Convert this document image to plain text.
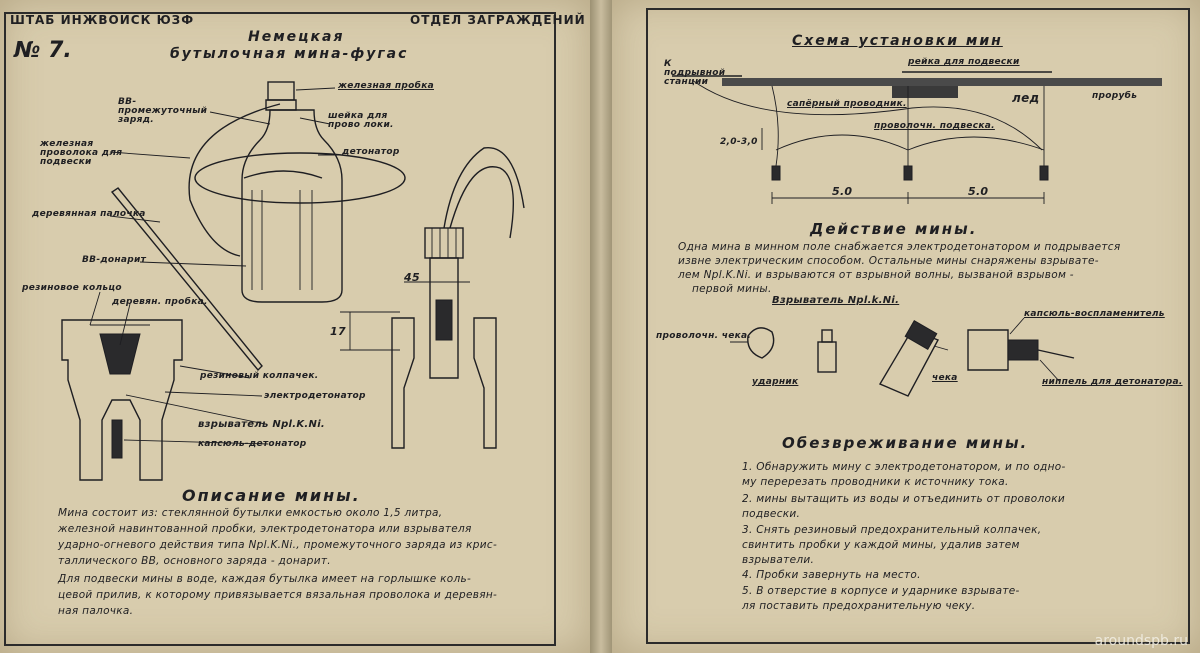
ШТАБ ИНЖВОЙСК ЮЗФ	ОТДЕЛ ЗАГРАЖДЕНИЙ
№ 7.
Немецкая
бутылочная мина-фугас
железная пробка
ВВ-промежуточный заряд.	шейка для прово локи.
железная проволока для подвески
детонатор
деревянная палочка
ВВ-донарит
резиновое кольцо
деревян. пробка.
резиновый колпачек.
электродетонатор
взрыватель Npl.K.Ni.
капсюль-детонатор
45
17
Описание мины.
Мина состоит из: стеклянной бутылки емкостью около 1,5 литра,
железной навинтованной пробки, электродетонатора или взрывателя
ударно-огневого действия типа Npl.K.Ni., промежуточного заряда из крис-
таллического ВВ, основного заряда - донарит.
Для подвески мины в воде, каждая бутылка имеет на горлышке коль-
цевой прилив, к которому привязывается вязальная проволока и деревян-
ная палочка.
Схема установки мин
К подрывной станции
рейка для подвески
лед	прорубь
сапёрный проводник.
проволочн. подвеска.
2,0-3,0
5.0	5.0
Действие мины.
Одна мина в минном поле снабжается электродетонатором и подрывается
извне электрическим способом. Остальные мины снаряжены взрывате-
лем Npl.K.Ni. и взрываются от взрывной волны, вызваной взрывом -
первой мины.
Взрыватель Npl.k.Ni.
проволочн. чека.
ударник	чека
капсюль-воспламенитель
ниппель для детонатора.
Обезвреживание мины.
1. Обнаружить мину с электродетонатором, и по одно-
му перерезать проводники к источнику тока.
2. мины вытащить из воды и отъединить от проволоки
подвески.
3. Снять резиновый предохранительный колпачек,
свинтить пробки у каждой мины, удалив затем
взрыватели.
4. Пробки завернуть на место.
5. В отверстие в корпусе и ударнике взрывате-
ля поставить предохранительную чеку.
aroundspb.ru
